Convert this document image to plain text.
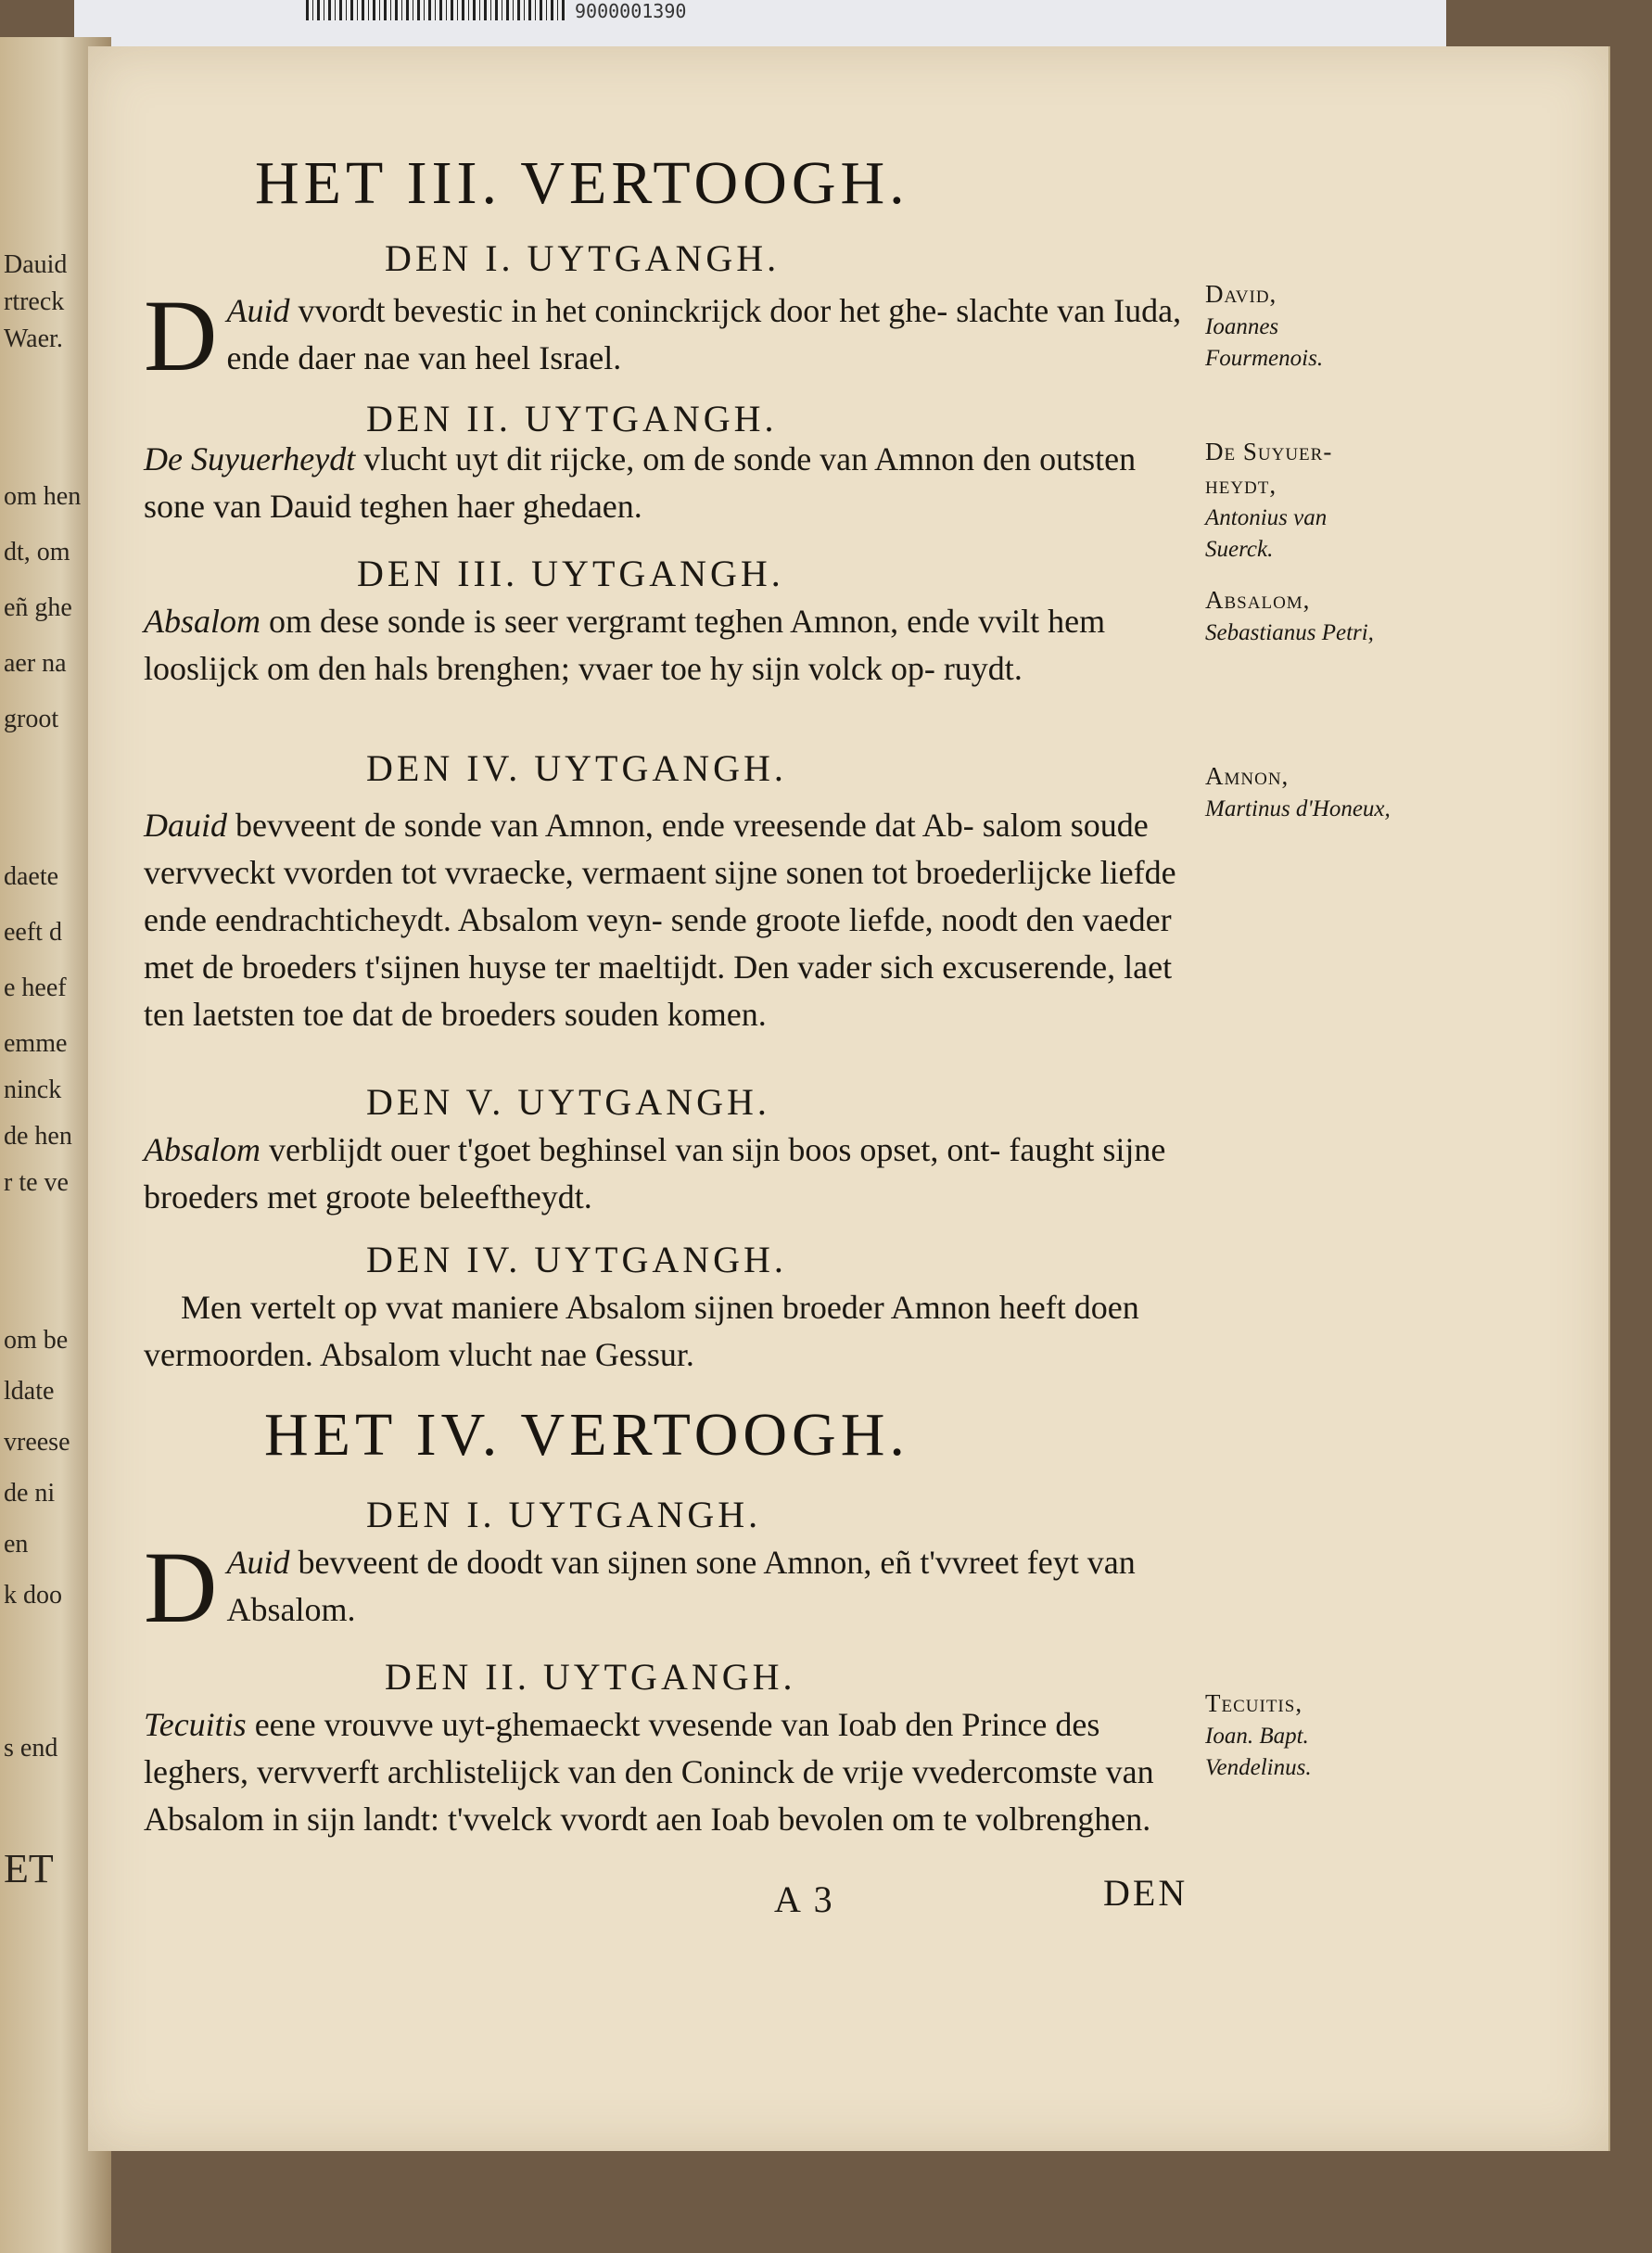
9000001390
Dauid
rtreck
Waer.
om hen
dt, om
eñ ghe
aer na
groot
daete
eeft d
e heef
emme
ninck
de hen
r te ve
om be
ldate
vreese
de ni
en
k doo
s end
ET
HET III. VERTOOGH.
DEN I. UYTGANGH.
D Auid vvordt bevestic in het coninckrijck door het ghe- slachte van Iuda, ende daer nae van heel Israel.
DEN II. UYTGANGH.
De Suyuerheydt vlucht uyt dit rijcke, om de sonde van Amnon den outsten sone van Dauid teghen haer ghedaen.
DEN III. UYTGANGH.
Absalom om dese sonde is seer vergramt teghen Amnon, ende vvilt hem looslijck om den hals brenghen; vvaer toe hy sijn volck op- ruydt.
DEN IV. UYTGANGH.
Dauid bevveent de sonde van Amnon, ende vreesende dat Ab- salom soude vervveckt vvorden tot vvraecke, vermaent sijne sonen tot broederlijcke liefde ende eendrachticheydt. Absalom veyn- sende groote liefde, noodt den vaeder met de broeders t'sijnen huyse ter maeltijdt. Den vader sich excuserende, laet ten laetsten toe dat de broeders souden komen.
DEN V. UYTGANGH.
Absalom verblijdt ouer t'goet beghinsel van sijn boos opset, ont- faught sijne broeders met groote beleeftheydt.
DEN IV. UYTGANGH.
Men vertelt op vvat maniere Absalom sijnen broeder Amnon heeft doen vermoorden. Absalom vlucht nae Gessur.
HET IV. VERTOOGH.
DEN I. UYTGANGH.
D Auid bevveent de doodt van sijnen sone Amnon, eñ t'vvreet feyt van Absalom.
DEN II. UYTGANGH.
Tecuitis eene vrouvve uyt-ghemaeckt vvesende van Ioab den Prince des leghers, vervverft archlistelijck van den Coninck de vrije vvedercomste van Absalom in sijn landt: t'vvelck vvordt aen Ioab bevolen om te volbrenghen.
David,
Ioannes Fourmenois.
De Suyuer- heydt,
Antonius van Suerck.
Absalom,
Sebastianus Petri,
Amnon,
Martinus d'Honeux,
Tecuitis,
Ioan. Bapt. Vendelinus.
A 3	DEN
